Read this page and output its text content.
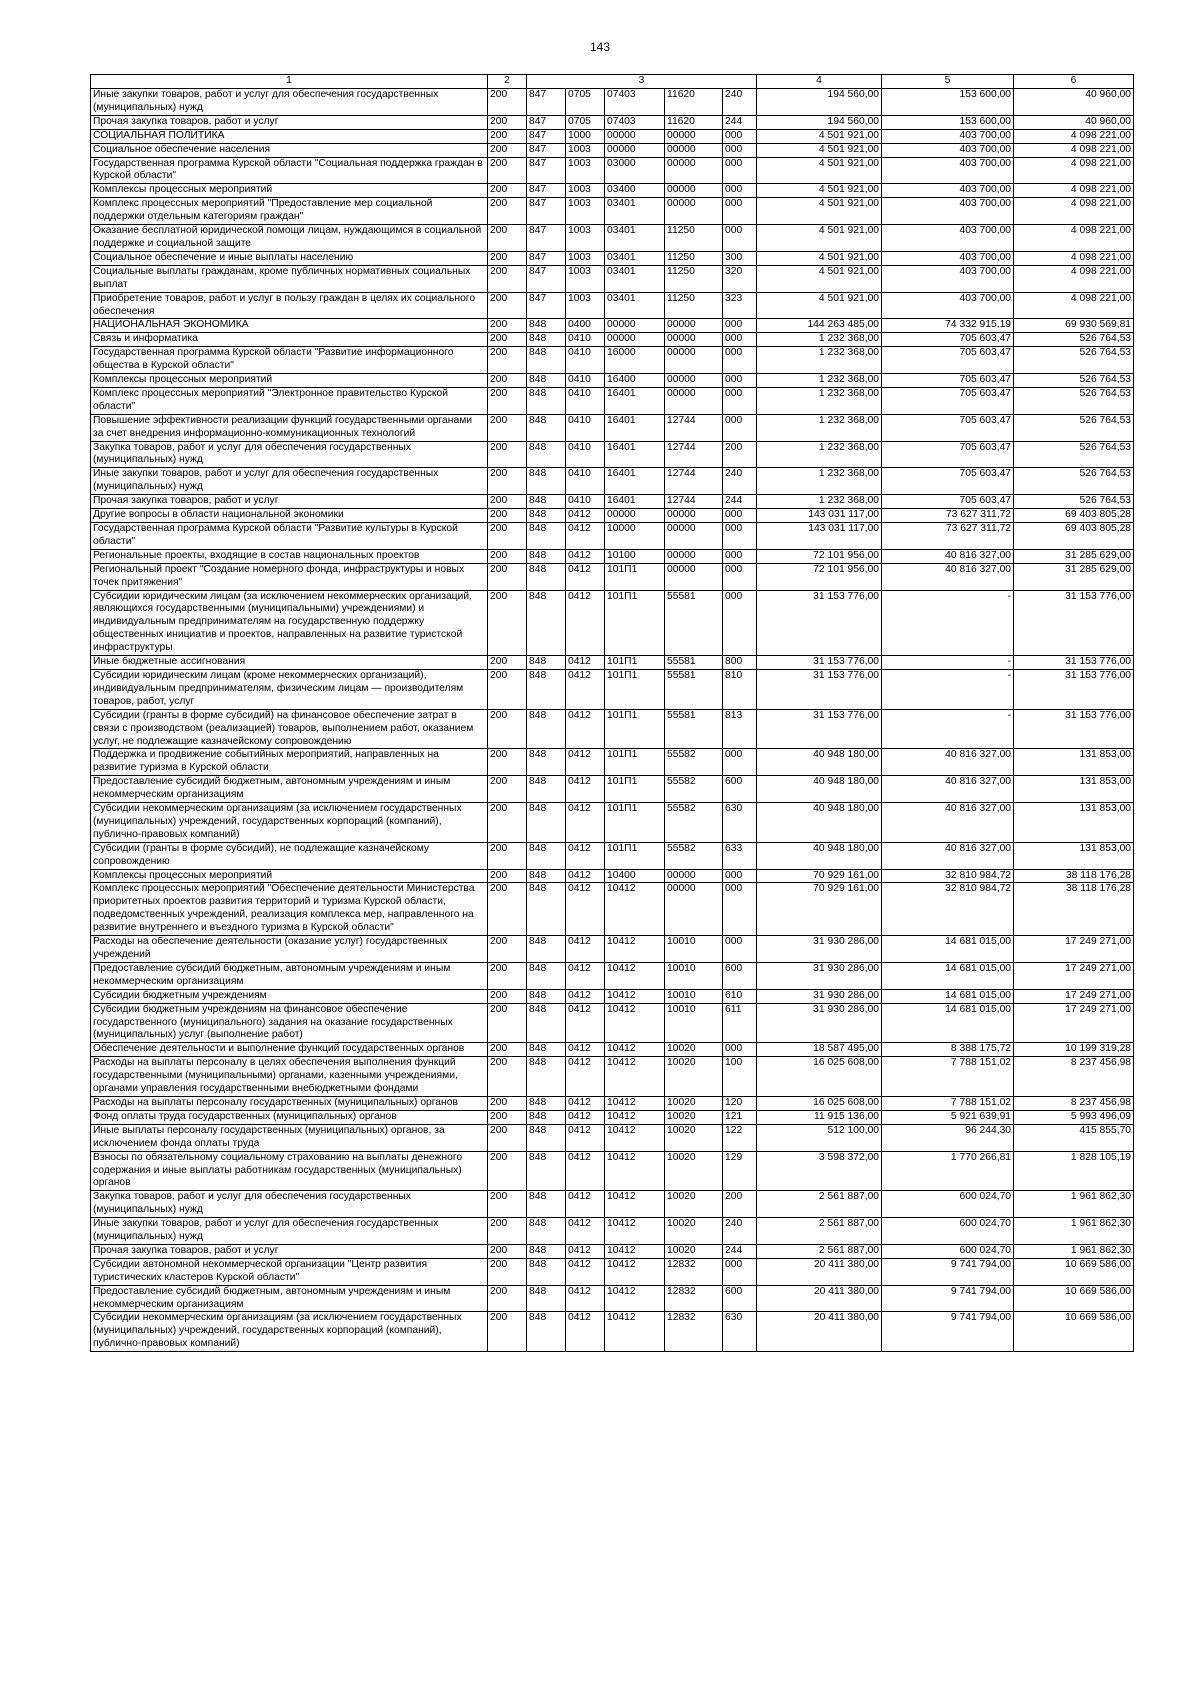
143
1	2	3					4	5	6
Иные закупки товаров, работ и услуг для обеспечения государственных (муниципальных) нужд	200	847	0705	07403	11620	240	194 560,00	153 600,00	40 960,00
Прочая закупка товаров, работ и услуг	200	847	0705	07403	11620	244	194 560,00	153 600,00	40 960,00
СОЦИАЛЬНАЯ ПОЛИТИКА	200	847	1000	00000	00000	000	4 501 921,00	403 700,00	4 098 221,00
Социальное обеспечение населения	200	847	1003	00000	00000	000	4 501 921,00	403 700,00	4 098 221,00
Государственная программа Курской области "Социальная поддержка граждан в Курской области"	200	847	1003	03000	00000	000	4 501 921,00	403 700,00	4 098 221,00
Комплексы процессных мероприятий	200	847	1003	03400	00000	000	4 501 921,00	403 700,00	4 098 221,00
Комплекс процессных мероприятий "Предоставление мер социальной поддержки отдельным категориям граждан"	200	847	1003	03401	00000	000	4 501 921,00	403 700,00	4 098 221,00
Оказание бесплатной юридической помощи лицам, нуждающимся в социальной поддержке и социальной защите	200	847	1003	03401	11250	000	4 501 921,00	403 700,00	4 098 221,00
Социальное обеспечение и иные выплаты населению	200	847	1003	03401	11250	300	4 501 921,00	403 700,00	4 098 221,00
Социальные выплаты гражданам, кроме публичных нормативных социальных выплат	200	847	1003	03401	11250	320	4 501 921,00	403 700,00	4 098 221,00
Приобретение товаров, работ и услуг в пользу граждан в целях их социального обеспечения	200	847	1003	03401	11250	323	4 501 921,00	403 700,00	4 098 221,00
НАЦИОНАЛЬНАЯ ЭКОНОМИКА	200	848	0400	00000	00000	000	144 263 485,00	74 332 915,19	69 930 569,81
Связь и информатика	200	848	0410	00000	00000	000	1 232 368,00	705 603,47	526 764,53
Государственная программа Курской области "Развитие информационного общества в Курской области"	200	848	0410	16000	00000	000	1 232 368,00	705 603,47	526 764,53
Комплексы процессных мероприятий	200	848	0410	16400	00000	000	1 232 368,00	705 603,47	526 764,53
Комплекс процессных мероприятий "Электронное правительство Курской области"	200	848	0410	16401	00000	000	1 232 368,00	705 603,47	526 764,53
Повышение эффективности реализации функций государственными органами за счет внедрения информационно-коммуникационных технологий	200	848	0410	16401	12744	000	1 232 368,00	705 603,47	526 764,53
Закупка товаров, работ и услуг для обеспечения государственных (муниципальных) нужд	200	848	0410	16401	12744	200	1 232 368,00	705 603,47	526 764,53
Иные закупки товаров, работ и услуг для обеспечения государственных (муниципальных) нужд	200	848	0410	16401	12744	240	1 232 368,00	705 603,47	526 764,53
Прочая закупка товаров, работ и услуг	200	848	0410	16401	12744	244	1 232 368,00	705 603,47	526 764,53
Другие вопросы в области национальной экономики	200	848	0412	00000	00000	000	143 031 117,00	73 627 311,72	69 403 805,28
Государственная программа Курской области "Развитие культуры в Курской области"	200	848	0412	10000	00000	000	143 031 117,00	73 627 311,72	69 403 805,28
Региональные проекты, входящие в состав национальных проектов	200	848	0412	10100	00000	000	72 101 956,00	40 816 327,00	31 285 629,00
Региональный проект "Создание номерного фонда, инфраструктуры и новых точек притяжения"	200	848	0412	101П1	00000	000	72 101 956,00	40 816 327,00	31 285 629,00
Субсидии юридическим лицам (за исключением некоммерческих организаций, являющихся государственными (муниципальными) учреждениями) и индивидуальным предпринимателям на государственную поддержку общественных инициатив и проектов, направленных на развитие туристской инфраструктуры	200	848	0412	101П1	55581	000	31 153 776,00	-	31 153 776,00
Иные бюджетные ассигнования	200	848	0412	101П1	55581	800	31 153 776,00	-	31 153 776,00
Субсидии юридическим лицам (кроме некоммерческих организаций), индивидуальным предпринимателям, физическим лицам — производителям товаров, работ, услуг	200	848	0412	101П1	55581	810	31 153 776,00	-	31 153 776,00
Субсидии (гранты в форме субсидий) на финансовое обеспечение затрат в связи с производством (реализацией) товаров, выполнением работ, оказанием услуг, не подлежащие казначейскому сопровождению	200	848	0412	101П1	55581	813	31 153 776,00	-	31 153 776,00
Поддержка и продвижение событийных мероприятий, направленных на развитие туризма в Курской области	200	848	0412	101П1	55582	000	40 948 180,00	40 816 327,00	131 853,00
Предоставление субсидий бюджетным, автономным учреждениям и иным некоммерческим организациям	200	848	0412	101П1	55582	600	40 948 180,00	40 816 327,00	131 853,00
Субсидии некоммерческим организациям (за исключением государственных (муниципальных) учреждений, государственных корпораций (компаний), публично-правовых компаний)	200	848	0412	101П1	55582	630	40 948 180,00	40 816 327,00	131 853,00
Субсидии (гранты в форме субсидий), не подлежащие казначейскому сопровождению	200	848	0412	101П1	55582	633	40 948 180,00	40 816 327,00	131 853,00
Комплексы процессных мероприятий	200	848	0412	10400	00000	000	70 929 161,00	32 810 984,72	38 118 176,28
Комплекс процессных мероприятий "Обеспечение деятельности Министерства приоритетных проектов развития территорий и туризма Курской области, подведомственных учреждений, реализация комплекса мер, направленного на развитие внутреннего и въездного туризма в Курской области"	200	848	0412	10412	00000	000	70 929 161,00	32 810 984,72	38 118 176,28
Расходы на обеспечение деятельности (оказание услуг) государственных учреждений	200	848	0412	10412	10010	000	31 930 286,00	14 681 015,00	17 249 271,00
Предоставление субсидий бюджетным, автономным учреждениям и иным некоммерческим организациям	200	848	0412	10412	10010	600	31 930 286,00	14 681 015,00	17 249 271,00
Субсидии бюджетным учреждениям	200	848	0412	10412	10010	610	31 930 286,00	14 681 015,00	17 249 271,00
Субсидии бюджетным учреждениям на финансовое обеспечение государственного (муниципального) задания на оказание государственных (муниципальных) услуг (выполнение работ)	200	848	0412	10412	10010	611	31 930 286,00	14 681 015,00	17 249 271,00
Обеспечение деятельности и выполнение функций государственных органов	200	848	0412	10412	10020	000	18 587 495,00	8 388 175,72	10 199 319,28
Расходы на выплаты персоналу в целях обеспечения выполнения функций государственными (муниципальными) органами, казенными учреждениями, органами управления государственными внебюджетными фондами	200	848	0412	10412	10020	100	16 025 608,00	7 788 151,02	8 237 456,98
Расходы на выплаты персоналу государственных (муниципальных) органов	200	848	0412	10412	10020	120	16 025 608,00	7 788 151,02	8 237 456,98
Фонд оплаты труда государственных (муниципальных) органов	200	848	0412	10412	10020	121	11 915 136,00	5 921 639,91	5 993 496,09
Иные выплаты персоналу государственных (муниципальных) органов, за исключением фонда оплаты труда	200	848	0412	10412	10020	122	512 100,00	96 244,30	415 855,70
Взносы по обязательному социальному страхованию на выплаты денежного содержания и иные выплаты работникам государственных (муниципальных) органов	200	848	0412	10412	10020	129	3 598 372,00	1 770 266,81	1 828 105,19
Закупка товаров, работ и услуг для обеспечения государственных (муниципальных) нужд	200	848	0412	10412	10020	200	2 561 887,00	600 024,70	1 961 862,30
Иные закупки товаров, работ и услуг для обеспечения государственных (муниципальных) нужд	200	848	0412	10412	10020	240	2 561 887,00	600 024,70	1 961 862,30
Прочая закупка товаров, работ и услуг	200	848	0412	10412	10020	244	2 561 887,00	600 024,70	1 961 862,30
Субсидии автономной некоммерческой организации "Центр развития туристических кластеров Курской области"	200	848	0412	10412	12832	000	20 411 380,00	9 741 794,00	10 669 586,00
Предоставление субсидий бюджетным, автономным учреждениям и иным некоммерческим организациям	200	848	0412	10412	12832	600	20 411 380,00	9 741 794,00	10 669 586,00
Субсидии некоммерческим организациям (за исключением государственных (муниципальных) учреждений, государственных корпораций (компаний), публично-правовых компаний)	200	848	0412	10412	12832	630	20 411 380,00	9 741 794,00	10 669 586,00
